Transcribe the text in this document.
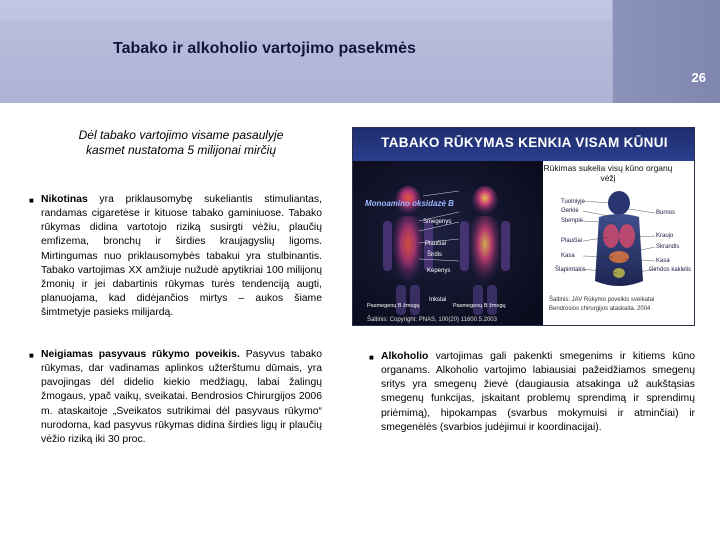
Tabako ir alkoholio vartojimo pasekmės
26
Dėl tabako vartojimo visame pasaulyje
kasmet nustatoma 5 milijonai mirčių
■ Nikotinas yra priklausomybę sukeliantis stimuliantas, randamas cigaretėse ir kituose tabako gaminiuose. Tabako rūkymas didina vartotojo riziką susirgti vėžiu, plaučių emfizema, bronchų ir širdies kraujagyslių ligoms. Mirtingumas nuo priklausomybės tabakui yra stulbinantis. Tabako vartojimas XX amžiuje nužudė apytikriai 100 milijonų žmonių ir jei dabartinis rūkymas turės tendenciją augti, planuojama, kad didėjančios mirtys – aukos šiame šimtmetyje pasieks milijardą.
■ Neigiamas pasyvaus rūkymo poveikis. Pasyvus tabako rūkymas, dar vadinamas aplinkos užterštumu dūmais, yra pavojingas dėl didelio kiekio medžiagų, labai žalingų žmogaus, ypač vaikų, sveikatai. Bendrosios Chirurgijos 2006 m. ataskaitoje „Sveikatos sutrikimai dėl pasyvaus rūkymo“ nurodoma, kad pasyvus rūkymas didina širdies ligų ir plaučių vėžio riziką iki 30 proc.
■ Alkoholio vartojimas gali pakenkti smegenims ir kitiems kūno organams. Alkoholio vartojimo labiausiai pažeidžiamos smegenų sritys yra smegenų žievė (daugiausia atsakinga už aukštąsias smegenų funkcijas, įskaitant problemų sprendimą ir sprendimų priėmimą), hipokampas (svarbus mokymuisi ir atminčiai) ir smegenėlės (svarbios judėjimui ir koordinacijai).
TABAKO RŪKYMAS KENKIA VISAM KŪNUI
Monoamino oksidazė B
Smegenys
Plaučiai
Širdis
Kepenys
Inkstai
Pasmegenų B žmogų	Pasmegenų B žmogų
Šaltinis: Copyright: PNAS, 100(20) 11600.5.2003
Tuolniyje
Gerklė
Stemplė
Plaučiai
Kasa
Šlapimtakis
Burnos
Kraujo
Skrandis
Kasa
Gimdos kaklelis
Šaltinis: JAV Rūkymo poveikis sveikatai
Bendrosios chirurgijos ataskaita. 2004
Rūkimas sukelia visų kūno organų vėžį
